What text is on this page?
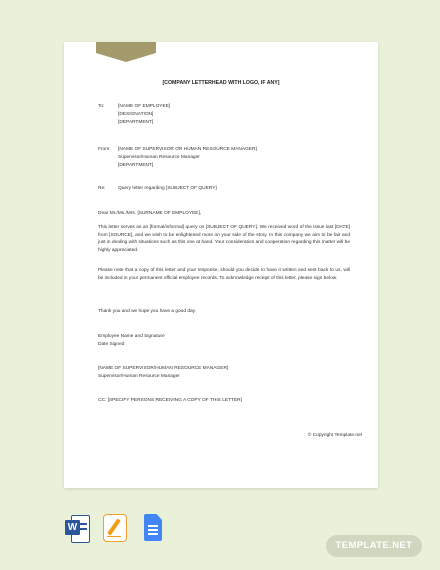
[COMPANY LETTERHEAD WITH LOGO, IF ANY]
To:	[NAME OF EMPLOYEE]
[DESIGNATION]
[DEPARTMENT]
From: [NAME OF SUPERVISOR OR HUMAN RESOURCE MANAGER]
Supervisor/Human Resource Manager
[DEPARTMENT]
Re:	Query letter regarding [SUBJECT OF QUERY]
Dear Mr./Ms./Mrs. [SURNAME OF EMPLOYEE],
This letter serves as an [formal/informal] query on [SUBJECT OF QUERY]. We received word of the issue last [DATE] from [SOURCE], and we wish to be enlightened more on your side of the story. In this company we aim to be fair and just in dealing with situations such as this one at hand. Your consideration and cooperation regarding this matter will be highly appreciated.
Please note that a copy of this letter and your response, should you decide to have it written and sent back to us, will be included in your permanent official employee records. To acknowledge receipt of this letter, please sign below.
Thank you and we hope you have a good day.
Employee Name and Signature
Date Signed
[NAME OF SUPERVISOR/HUMAN RESOURCE MANAGER]
Supervisor/Human Resource Manager
CC: [SPECIFY PERSONS RECEIVING A COPY OF THIS LETTER]
© Copyright Template.net
W
TEMPLATE.NET
